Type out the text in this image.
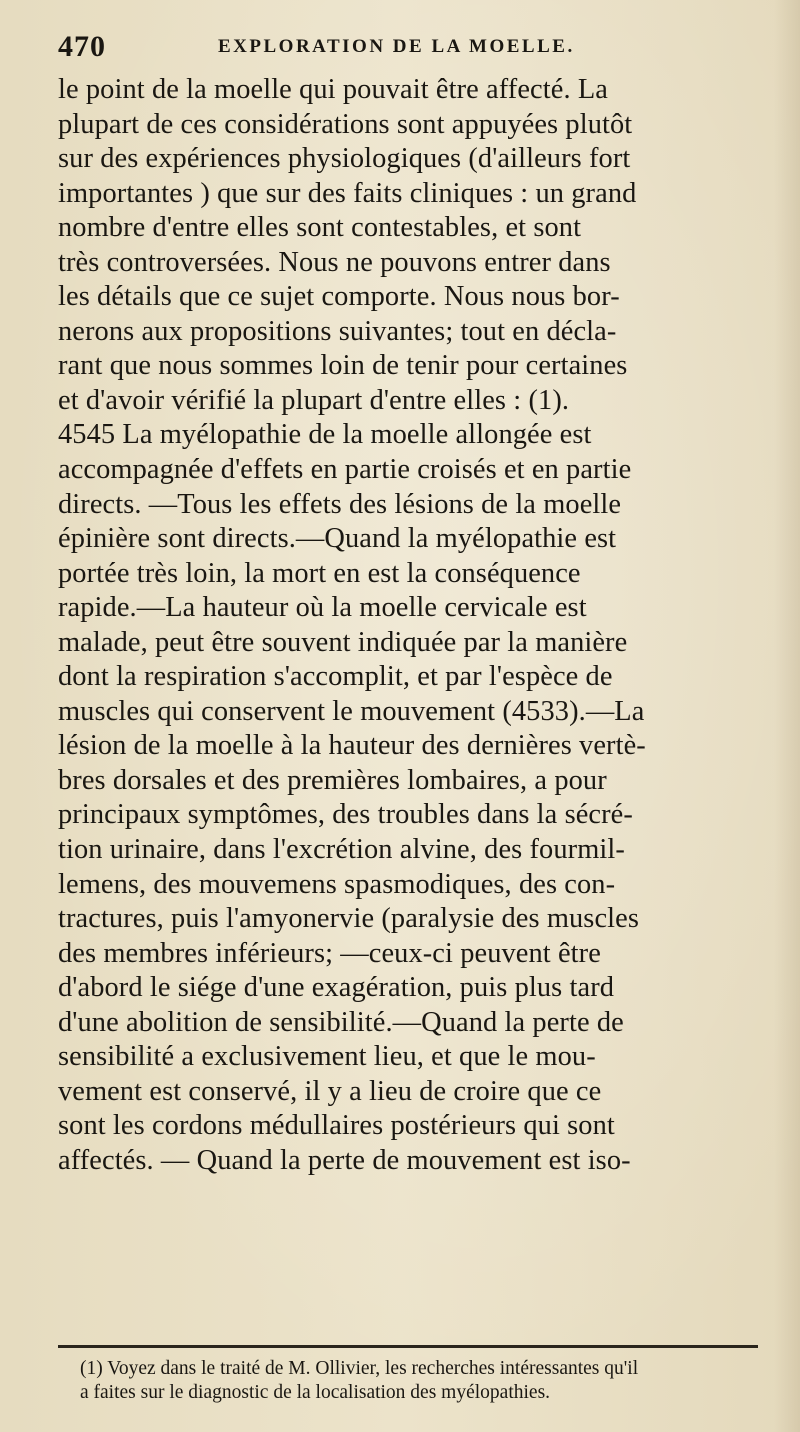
470	EXPLORATION DE LA MOELLE.
le point de la moelle qui pouvait être affecté. La
plupart de ces considérations sont appuyées plutôt
sur des expériences physiologiques (d'ailleurs fort
importantes ) que sur des faits cliniques : un grand
nombre d'entre elles sont contestables, et sont
très controversées. Nous ne pouvons entrer dans
les détails que ce sujet comporte. Nous nous bor-
nerons aux propositions suivantes; tout en décla-
rant que nous sommes loin de tenir pour certaines
et d'avoir vérifié la plupart d'entre elles : (1).
4545 La myélopathie de la moelle allongée est
accompagnée d'effets en partie croisés et en partie
directs. —Tous les effets des lésions de la moelle
épinière sont directs.—Quand la myélopathie est
portée très loin, la mort en est la conséquence
rapide.—La hauteur où la moelle cervicale est
malade, peut être souvent indiquée par la manière
dont la respiration s'accomplit, et par l'espèce de
muscles qui conservent le mouvement (4533).—La
lésion de la moelle à la hauteur des dernières vertè-
bres dorsales et des premières lombaires, a pour
principaux symptômes, des troubles dans la sécré-
tion urinaire, dans l'excrétion alvine, des fourmil-
lemens, des mouvemens spasmodiques, des con-
tractures, puis l'amyonervie (paralysie des muscles
des membres inférieurs; —ceux-ci peuvent être
d'abord le siége d'une exagération, puis plus tard
d'une abolition de sensibilité.—Quand la perte de
sensibilité a exclusivement lieu, et que le mou-
vement est conservé, il y a lieu de croire que ce
sont les cordons médullaires postérieurs qui sont
affectés. — Quand la perte de mouvement est iso-
(1) Voyez dans le traité de M. Ollivier, les recherches intéressantes qu'il
a faites sur le diagnostic de la localisation des myélopathies.
